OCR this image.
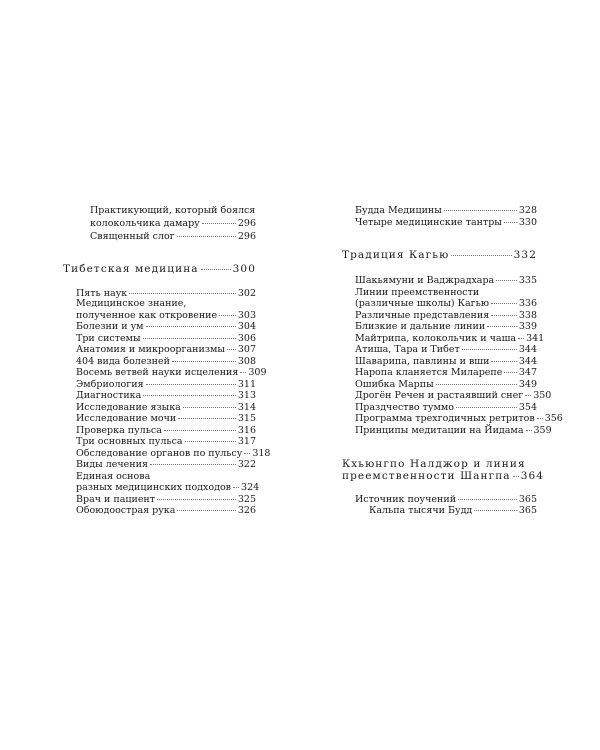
Практикующий, который боялся
колокольчика дамару	296
Священный слог	296
Тибетская медицина	300
Пять наук	302
Медицинское знание,
полученное как откровение 303
Болезни и ум	304
Три системы	306
Анатомия и микроорганизмы 307
404 вида болезней	308
Восемь ветвей науки исцеления 309
Эмбриология	311
Диагностика	313
Исследование языка	314
Исследование мочи	315
Проверка пульса	316
Три основных пульса	317
Обследование органов по пульсу 318
Виды лечения	322
Единая основа
разных медицинских подходов 324
Врач и пациент	325
Обоюдоострая рука	326
Будда Медицины	328
Четыре медицинские тантры 330
Традиция Кагью	332
Шакьямуни и Ваджрадхара	335
Линии преемственности
(различные школы) Кагью	336
Различные представления	338
Близкие и дальние линии	339
Майтрипа, колокольчик и чаша 341
Атиша, Тара и Тибет	344
Шаварипа, павлины и вши	344
Наропа кланяется Миларепе 347
Ошибка Марпы	349
Дрогён Речен и растаявший снег 350
Праздчество туммо	354
Программа трехгодичных ретритов 356
Принципы медитации на Йидама 359
Кхьюнгпо Налджор и линия
преемственности Шангпа 364
Источник поучений	365
Кальпа тысячи Будд	365
